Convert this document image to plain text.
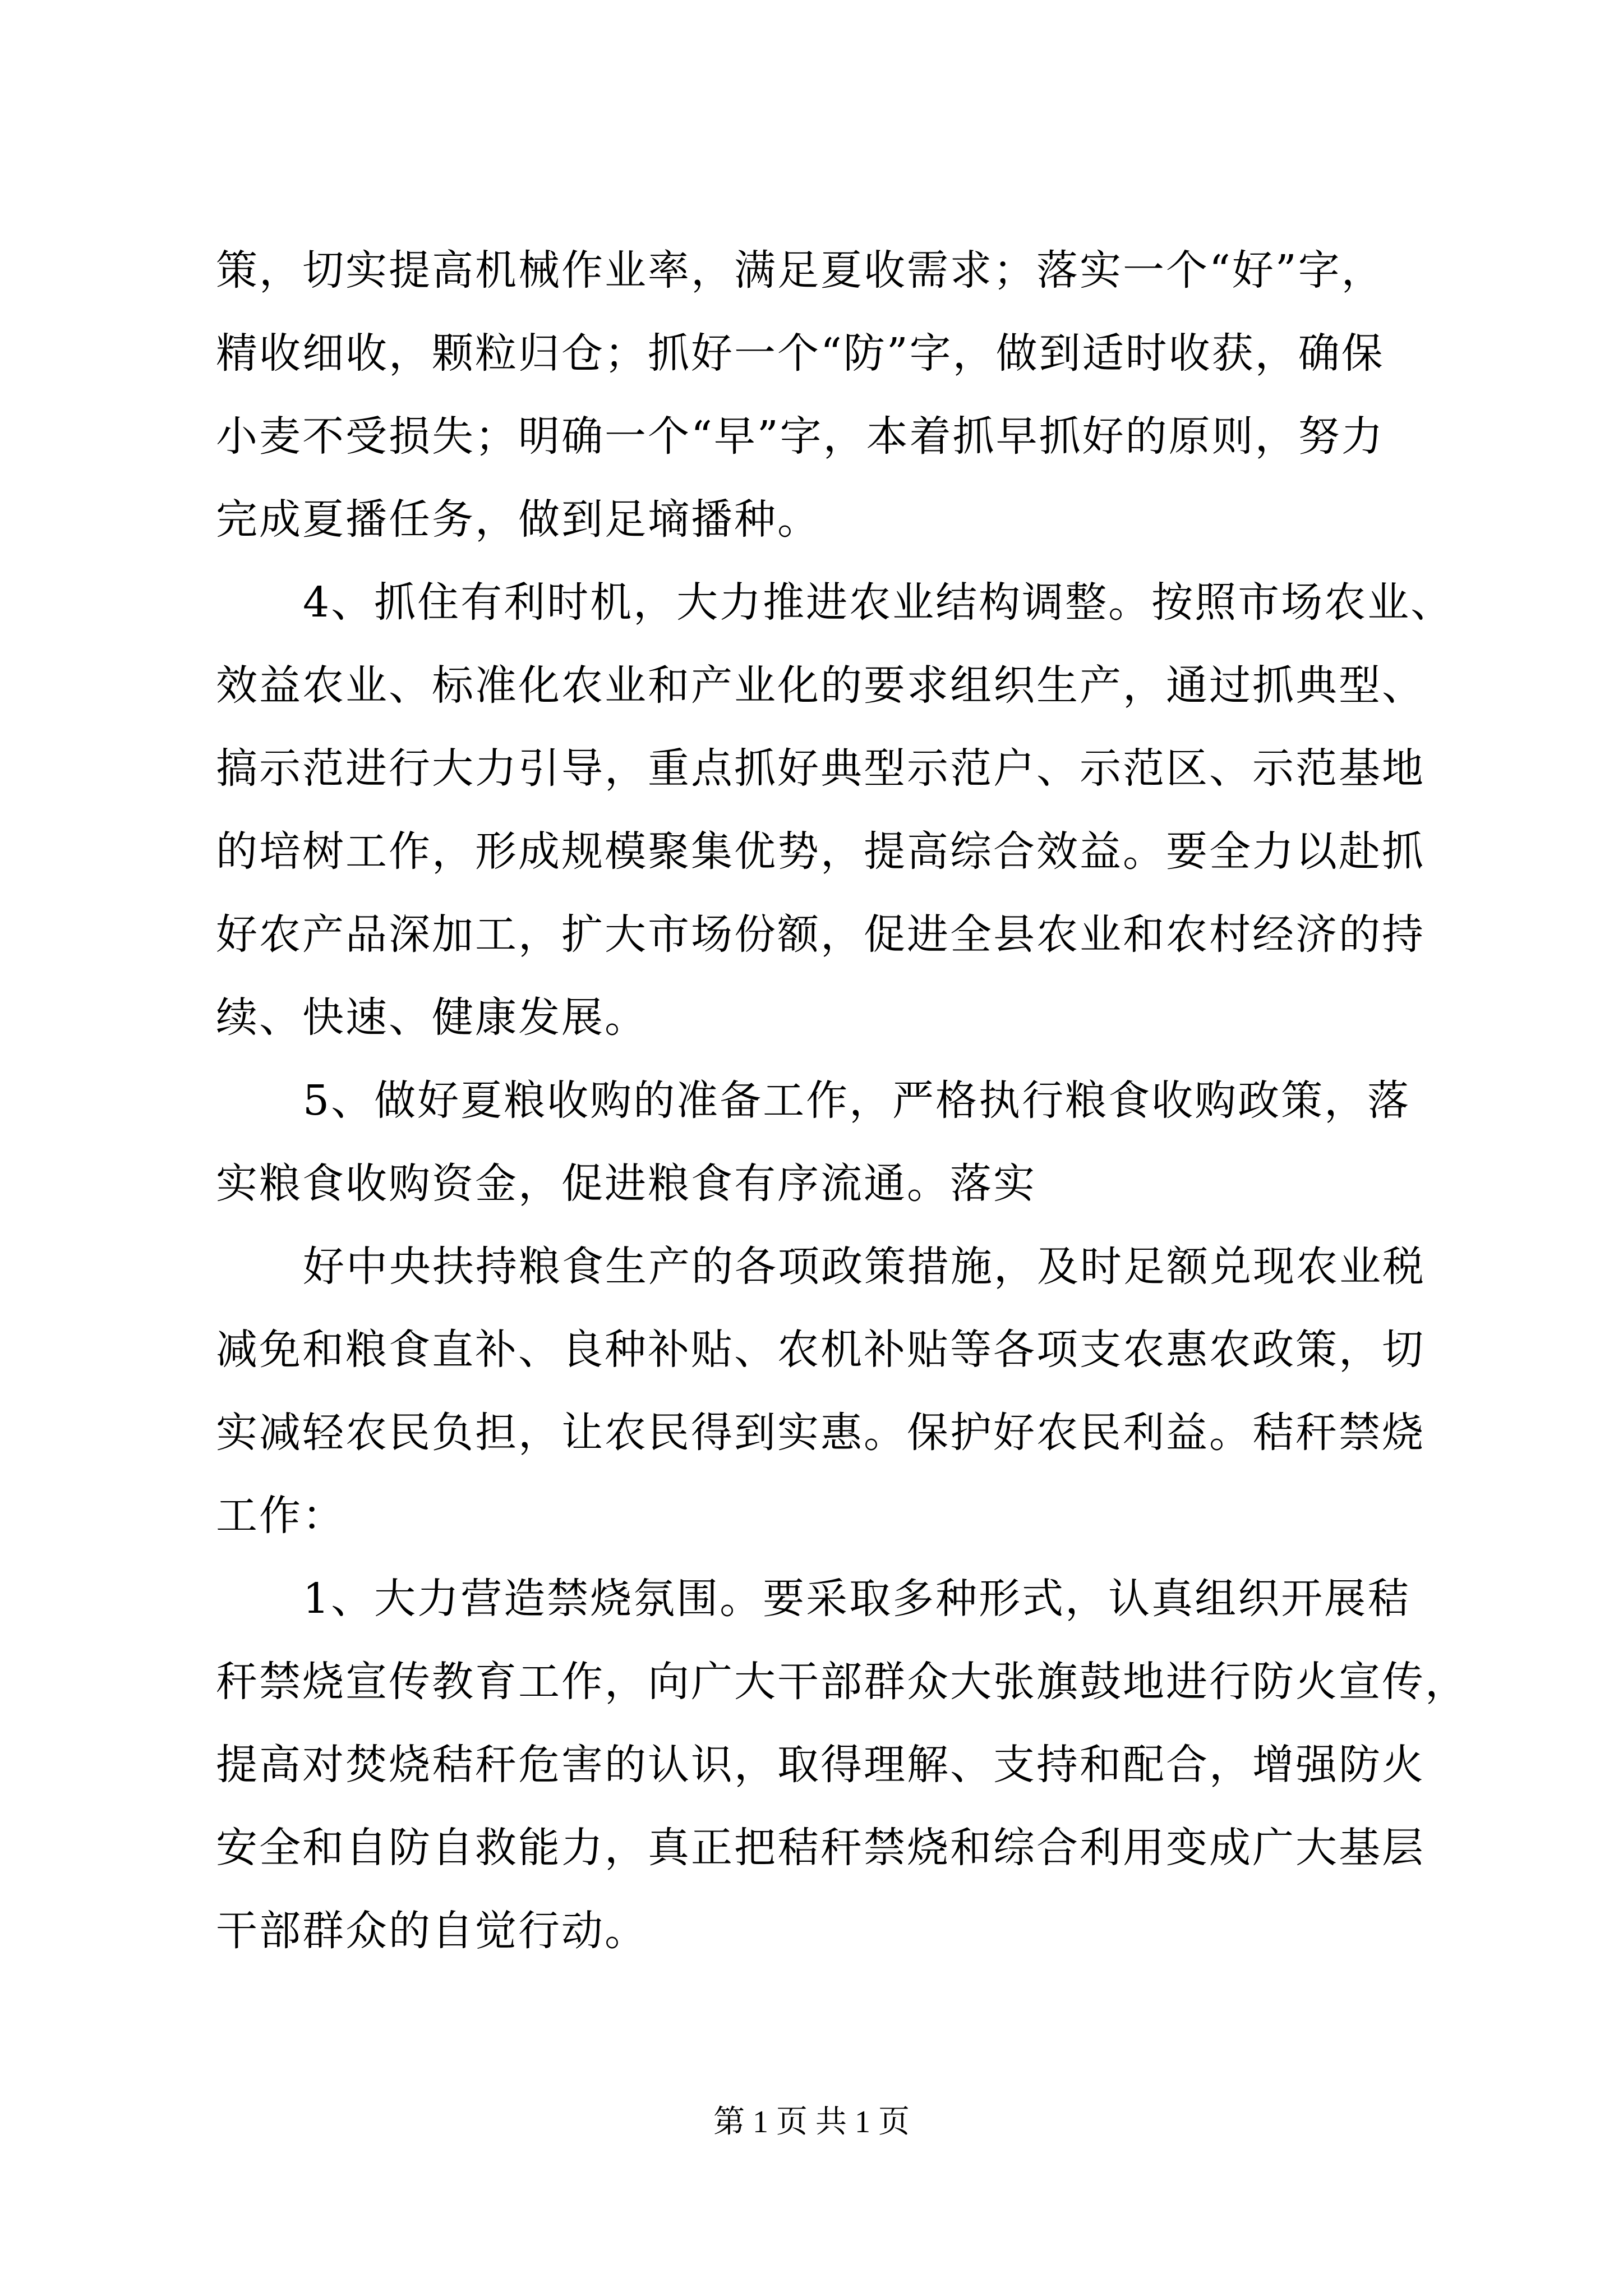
策，切实提高机械作业率，满足夏收需求；落实一个“好”字，
精收细收，颗粒归仓；抓好一个“防”字，做到适时收获，确保
小麦不受损失；明确一个“早”字，本着抓早抓好的原则，努力
完成夏播任务，做到足墒播种。
4、抓住有利时机，大力推进农业结构调整。按照市场农业、
效益农业、标准化农业和产业化的要求组织生产，通过抓典型、
搞示范进行大力引导，重点抓好典型示范户、示范区、示范基地
的培树工作，形成规模聚集优势，提高综合效益。要全力以赴抓
好农产品深加工，扩大市场份额，促进全县农业和农村经济的持
续、快速、健康发展。
5、做好夏粮收购的准备工作，严格执行粮食收购政策，落
实粮食收购资金，促进粮食有序流通。落实
好中央扶持粮食生产的各项政策措施，及时足额兑现农业税
减免和粮食直补、良种补贴、农机补贴等各项支农惠农政策，切
实减轻农民负担，让农民得到实惠。保护好农民利益。秸秆禁烧
工作：
1、大力营造禁烧氛围。要采取多种形式，认真组织开展秸
秆禁烧宣传教育工作，向广大干部群众大张旗鼓地进行防火宣传，
提高对焚烧秸秆危害的认识，取得理解、支持和配合，增强防火
安全和自防自救能力，真正把秸秆禁烧和综合利用变成广大基层
干部群众的自觉行动。
第 1 页 共 1 页
